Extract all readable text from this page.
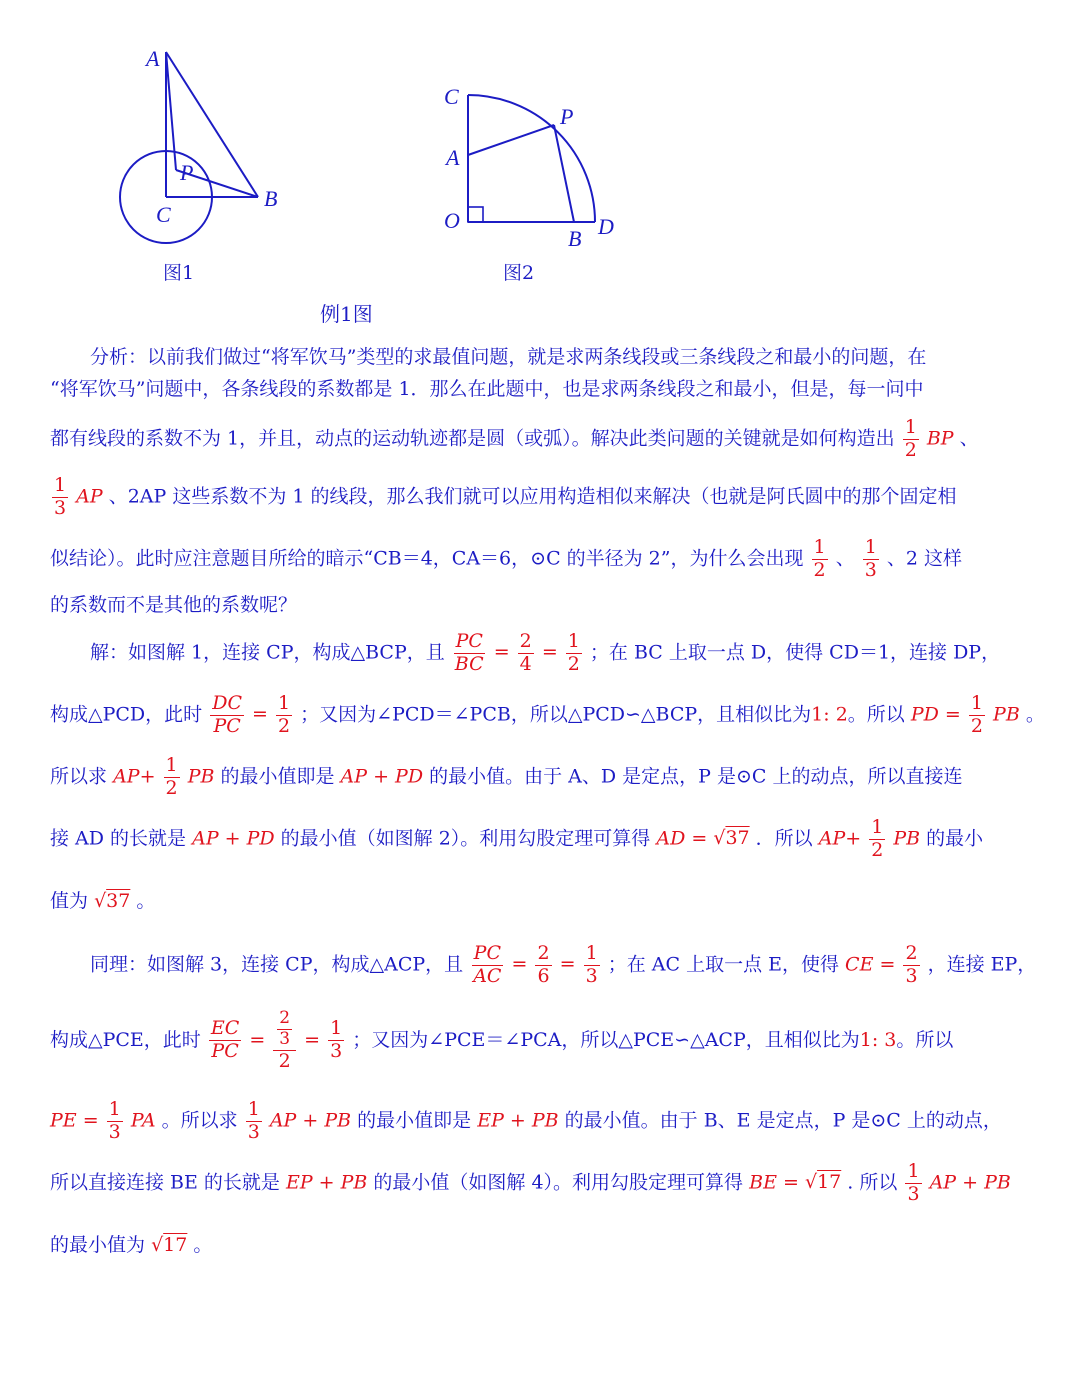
A
P
B
C
图1
C
P
A
O
B D
图2
例1图
分析：以前我们做过“将军饮马”类型的求最值问题，就是求两条线段或三条线段之和最小的问题，在
“将军饮马”问题中，各条线段的系数都是 1．那么在此题中，也是求两条线段之和最小，但是，每一问中
都有线段的系数不为 1，并且，动点的运动轨迹都是圆（或弧）。解决此类问题的关键就是如何构造出 $\frac{1}{2}$ BP 、
$\frac{1}{3}$ AP 、2AP 这些系数不为 1 的线段，那么我们就可以应用构造相似来解决（也就是阿氏圆中的那个固定相
似结论）。此时应注意题目所给的暗示“CB＝4，CA＝6，⊙C 的半径为 2”，为什么会出现 $\frac{1}{2}$ 、 $\frac{1}{3}$ 、2 这样
的系数而不是其他的系数呢？
解：如图解 1，连接 CP，构成△BCP，且 $\frac{PC}{BC} = \frac{2}{4} = \frac{1}{2}$ ；在 BC 上取一点 D，使得 CD＝1，连接 DP，
构成△PCD，此时 $\frac{DC}{PC} = \frac{1}{2}$ ；又因为∠PCD＝∠PCB，所以△PCD∽△BCP，且相似比为1: 2。所以 PD = $\frac{1}{2}$ PB 。
所以求 $AP+ \frac{1}{2}$ PB 的最小值即是 AP + PD 的最小值。由于 A、D 是定点，P 是⊙C 上的动点，所以直接连
接 AD 的长就是 AP + PD 的最小值（如图解 2）。利用勾股定理可算得 AD = √ 37 ．所以 $AP+ \frac{1}{2}$ PB 的最小
值为 √ 37 。
同理：如图解 3，连接 CP，构成△ACP，且 $\frac{PC}{AC} = \frac{2}{6} = \frac{1}{3}$ ；在 AC 上取一点 E，使得 CE = $\frac{2}{3}$ ，连接 EP，
构成△PCE，此时 $\frac{EC}{PC} = \frac{\frac{2}{3}}{2} = \frac{1}{3}$ ；又因为∠PCE＝∠PCA，所以△PCE∽△ACP，且相似比为1: 3。所以
PE = $\frac{1}{3}$ PA 。所以求 $\frac{1}{3}$ AP + PB 的最小值即是 EP + PB 的最小值。由于 B、E 是定点，P 是⊙C 上的动点，
所以直接连接 BE 的长就是 EP + PB 的最小值（如图解 4）。利用勾股定理可算得 BE = √ 17 . 所以 $\frac{1}{3}$ AP + PB
的最小值为 √ 17 。
